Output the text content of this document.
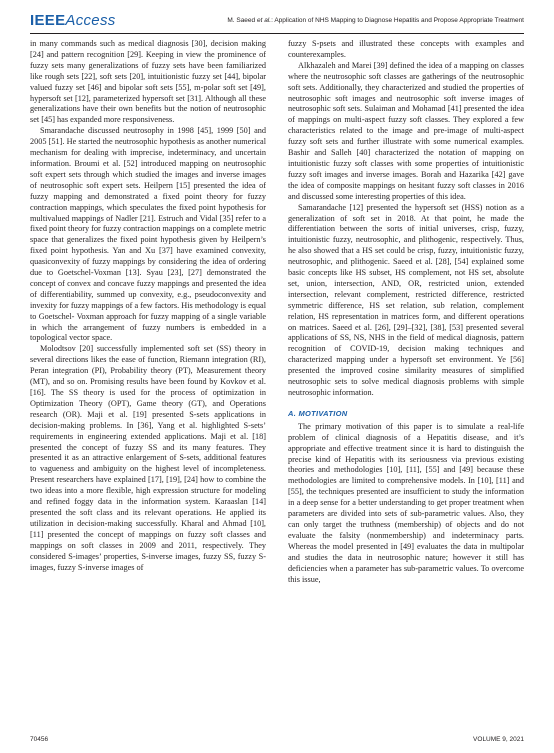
IEEEAccess	M. Saeed et al.: Application of NHS Mapping to Diagnose Hepatitis and Propose Appropriate Treatment

in many commands such as medical diagnosis [30], decision making [24] and pattern recognition [29]. Keeping in view the prominence of fuzzy sets many generalizations of fuzzy sets have been familiarized like rough sets [22], soft sets [20], intuitionistic fuzzy set [44], bipolar valued fuzzy set [46] and bipolar soft sets [55], m-polar soft set [49], hypersoft set [12], parameterized hypersoft set [31]. Although all these generalizations have their own benefits but the notion of neutrosophic set [45] has expanded more responsiveness.

Smarandache discussed neutrosophy in 1998 [45], 1999 [50] and 2005 [51]. He started the neutrosophic hypothesis as another numerical mechanism for dealing with imprecise, indeterminacy, and uncertain information. Broumi et al. [52] introduced mapping on neutrosophic soft expert sets through which studied the images and inverse images of neutrosophic soft expert sets. Heilpern [15] presented the idea of fuzzy mapping and demonstrated a fixed point theory for fuzzy contraction mappings, which speculates the fixed point hypothesis for multivalued mappings of Nadler [21]. Estruch and Vidal [35] refer to a fixed point theory for fuzzy contraction mappings on a complete metric space that generalizes the fixed point hypothesis given by Heilpern’s fixed point hypothesis. Yan and Xu [37] have examined convexity, quasiconvexity of fuzzy mappings by considering the idea of ordering due to Goetschel-Voxman [13]. Syau [23], [27] demonstrated the concept of convex and concave fuzzy mappings and presented the idea of differentiability, summed up convexity, e.g., pseudoconvexity and invexity for fuzzy mappings of a few factors. His methodology is equal to Goetschel- Voxman approach for fuzzy mapping of a single variable in which the arrangement of fuzzy numbers is embedded in a topological vector space.

Molodtsov [20] successfully implemented soft set (SS) theory in several directions likes the ease of function, Riemann integration (RI), Peran integration (PI), Probability theory (PT), Measurement theory (MT), and so on. Promising results have been found by Kovkov et al. [16]. The SS theory is used for the process of optimization in Optimization Theory (OPT), Game theory (GT), and Operations research (OR). Maji et al. [19] presented S-sets applications in decision-making problems. In [36], Yang et al. highlighted S-sets’ requirements in engineering extended applications. Maji et al. [18] presented the concept of fuzzy SS and its many features. They presented it as an attractive enlargement of S-sets, additional features to vagueness and ambiguity on the highest level of incompleteness. Present researchers have explained [17], [19], [24] how to combine the two ideas into a more flexible, high expression structure for modeling and refined foggy data in the information system. Karaaslan [14] presented the soft class and its relevant operations. He applied its utilization in decision-making successfully. Kharal and Ahmad [10], [11] presented the concept of mappings on fuzzy soft classes and mappings on soft classes in 2009 and 2011, respectively. They considered S-images’ properties, S-inverse images, fuzzy SS, fuzzy S-images, fuzzy S-inverse images of

fuzzy S-psets and illustrated these concepts with examples and counterexamples.

Alkhazaleh and Marei [39] defined the idea of a mapping on classes where the neutrosophic soft classes are gatherings of the neutrosophic soft sets. Additionally, they characterized and studied the properties of neutrosophic soft images and neutrosophic soft inverse images of neutrosophic soft sets. Sulaiman and Mohamad [41] presented the idea of mappings on multi-aspect fuzzy soft classes. They explored a few characteristics related to the image and pre-image of multi-aspect fuzzy soft sets and further illustrate with some numerical examples. Bashir and Salleh [40] characterized the notation of mapping on intuitionistic fuzzy soft classes with some properties of intuitionistic fuzzy soft images and inverse images. Borah and Hazarika [42] gave the idea of composite mappings on hesitant fuzzy soft classes in 2016 and discussed some interesting properties of this idea.

Samarandache [12] presented the hypersoft set (HSS) notion as a generalization of soft set in 2018. At that point, he made the differentiation between the sorts of initial universes, crisp, fuzzy, intuitionistic fuzzy, neutrosophic, and plithogenic, respectively. Thus, he also showed that a HS set could be crisp, fuzzy, intuitionistic fuzzy, neutrosophic, and plithogenic. Saeed et al. [28], [54] explained some basic concepts like HS subset, HS complement, not HS set, absolute set, union, intersection, AND, OR, restricted union, extended intersection, relevant complement, restricted difference, restricted symmetric difference, HS set relation, sub relation, complement relation, HS representation in matrices form, and different operations on matrices. Saeed et al. [26], [29]–[32], [38], [53] presented several applications of SS, NS, NHS in the field of medical diagnosis, pattern recognition of COVID-19, decision making techniques and characterized mapping under a hypersoft set environment. Ye [56] presented the improved cosine similarity measures of simplified neutrosophic sets to solve medical diagnosis problems with simple neutrosophic information.

A. MOTIVATION

The primary motivation of this paper is to simulate a real-life problem of clinical diagnosis of a Hepatitis disease, and it’s appropriate and effective treatment since it is hard to distinguish the precise kind of Hepatitis with its seriousness via previous existing theories and methodologies [10], [11], [55] and [49] because these methodologies are limited to comprehensive models. In [10], [11] and [55], the techniques presented are insufficient to study the information in a deep sense for a better understanding to get proper treatment when parameters are divided into sets of sub-parametric values. Also, they can only target the truthness (membership) of objects and do not evaluate the falsity (nonmembership) and indeterminacy parts. Whereas the model presented in [49] evaluates the data in multipolar and studies the data in neutrosophic nature; however it still has deficiencies when a parameter has sub-parametric values. To overcome this issue,

70456	VOLUME 9, 2021
